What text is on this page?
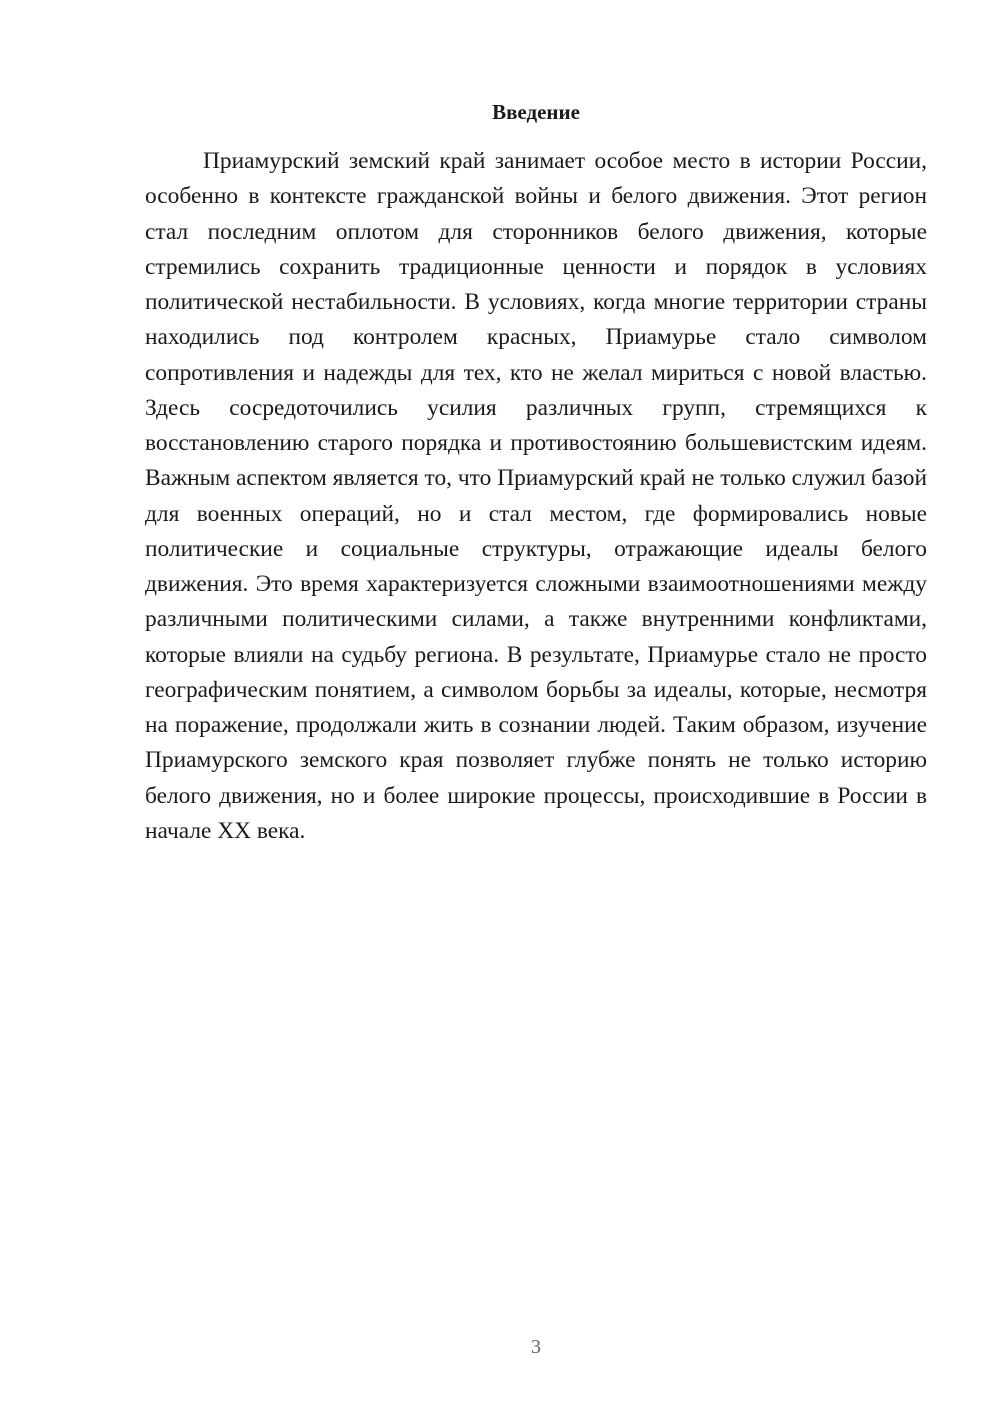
Введение

Приамурский земский край занимает особое место в истории России, особенно в контексте гражданской войны и белого движения. Этот регион стал последним оплотом для сторонников белого движения, которые стремились сохранить традиционные ценности и порядок в условиях политической нестабильности. В условиях, когда многие территории страны находились под контролем красных, Приамурье стало символом сопротивления и надежды для тех, кто не желал мириться с новой властью. Здесь сосредоточились усилия различных групп, стремящихся к восстановлению старого порядка и противостоянию большевистским идеям. Важным аспектом является то, что Приамурский край не только служил базой для военных операций, но и стал местом, где формировались новые политические и социальные структуры, отражающие идеалы белого движения. Это время характеризуется сложными взаимоотношениями между различными политическими силами, а также внутренними конфликтами, которые влияли на судьбу региона. В результате, Приамурье стало не просто географическим понятием, а символом борьбы за идеалы, которые, несмотря на поражение, продолжали жить в сознании людей. Таким образом, изучение Приамурского земского края позволяет глубже понять не только историю белого движения, но и более широкие процессы, происходившие в России в начале XX века.

3
